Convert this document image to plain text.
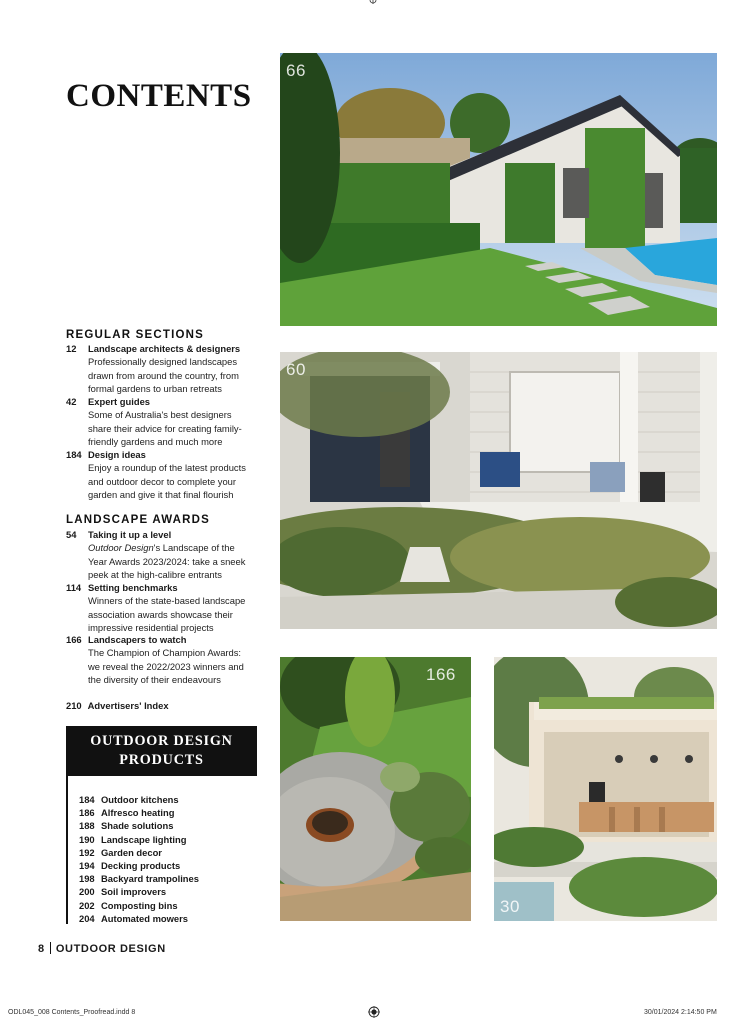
CONTENTS
REGULAR SECTIONS
12 Landscape architects & designers
Professionally designed landscapes
drawn from around the country, from
formal gardens to urban retreats
42 Expert guides
Some of Australia's best designers
share their advice for creating family-
friendly gardens and much more
184 Design ideas
Enjoy a roundup of the latest products
and outdoor decor to complete your
garden and give it that final flourish
LANDSCAPE AWARDS
54 Taking it up a level
Outdoor Design's Landscape of the
Year Awards 2023/2024: take a sneek
peek at the high-calibre entrants
114 Setting benchmarks
Winners of the state-based landscape
association awards showcase their
impressive residential projects
166 Landscapers to watch
The Champion of Champion Awards:
we reveal the 2022/2023 winners and
the diversity of their endeavours
210 Advertisers' Index
OUTDOOR DESIGN
PRODUCTS
184 Outdoor kitchens
186 Alfresco heating
188 Shade solutions
190 Landscape lighting
192 Garden decor
194 Decking products
198 Backyard trampolines
200 Soil improvers
202 Composting bins
204 Automated mowers
66
60
166
30
8 OUTDOOR DESIGN
ODL045_008 Contents_Proofread.indd 8	30/01/2024 2:14:50 PM
